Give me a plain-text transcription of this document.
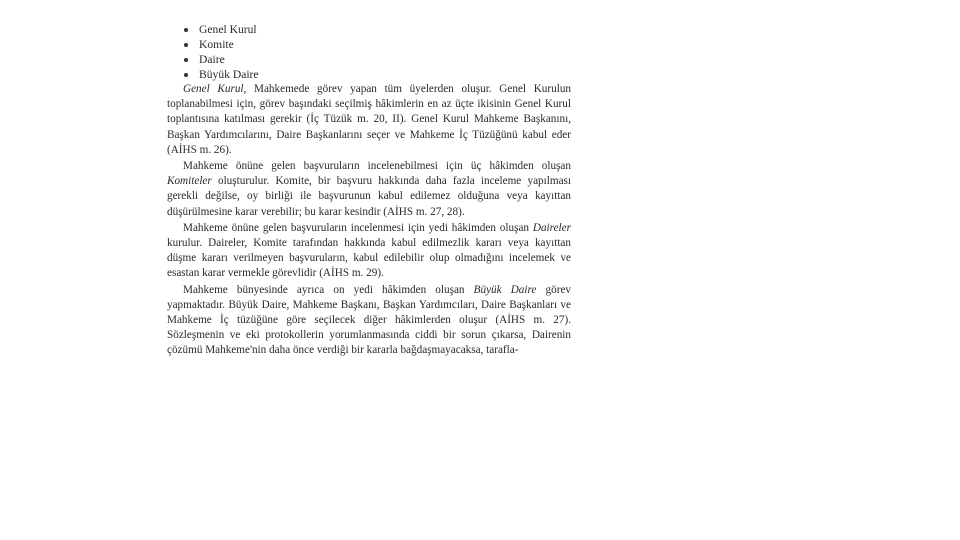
Genel Kurul
Komite
Daire
Büyük Daire

Genel Kurul, Mahkemede görev yapan tüm üyelerden oluşur. Genel Kurulun toplanabilmesi için, görev başındaki seçilmiş hâkimlerin en az üçte ikisinin Genel Kurul toplantısına katılması gerekir (İç Tüzük m. 20, II). Genel Kurul Mahkeme Başkanını, Başkan Yardımcılarını, Daire Başkanlarını seçer ve Mahkeme İç Tüzüğünü kabul eder (AİHS m. 26).

Mahkeme önüne gelen başvuruların incelenebilmesi için üç hâkimden oluşan Komiteler oluşturulur. Komite, bir başvuru hakkında daha fazla inceleme yapılması gerekli değilse, oy birliği ile başvurunun kabul edilemez olduğuna veya kayıttan düşürülmesine karar verebilir; bu karar kesindir (AİHS m. 27, 28).

Mahkeme önüne gelen başvuruların incelenmesi için yedi hâkimden oluşan Daireler kurulur. Daireler, Komite tarafından hakkında kabul edilmezlik kararı veya kayıttan düşme kararı verilmeyen başvuruların, kabul edilebilir olup olmadığını incelemek ve esastan karar vermekle görevlidir (AİHS m. 29).

Mahkeme bünyesinde ayrıca on yedi hâkimden oluşan Büyük Daire görev yapmaktadır. Büyük Daire, Mahkeme Başkanı, Başkan Yardımcıları, Daire Başkanları ve Mahkeme İç tüzüğüne göre seçilecek diğer hâkimlerden oluşur (AİHS m. 27). Sözleşmenin ve eki protokollerin yorumlanmasında ciddi bir sorun çıkarsa, Dairenin çözümü Mahkeme'nin daha önce verdiği bir kararla bağdaşmayacaksa, tarafla-
